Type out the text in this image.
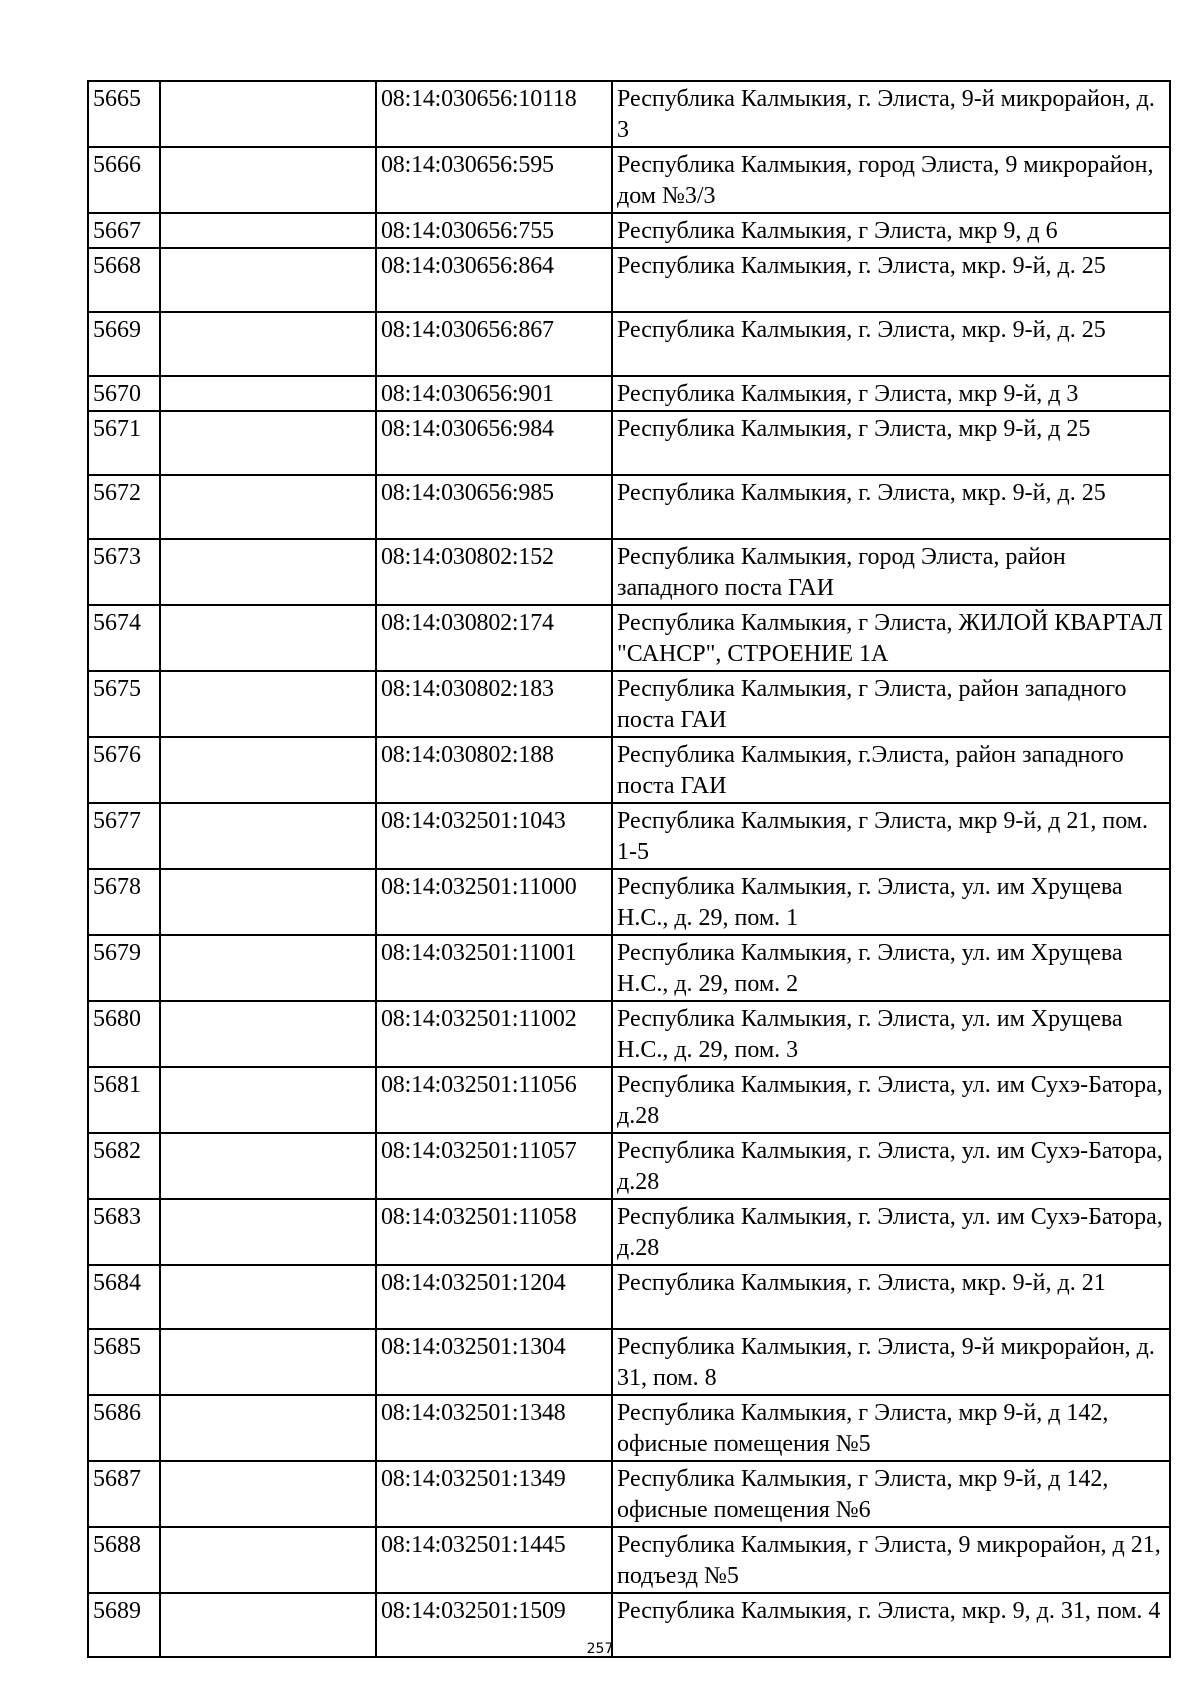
5665		08:14:030656:10118	Республика Калмыкия, г. Элиста, 9-й микрорайон, д. 3
5666		08:14:030656:595	Республика Калмыкия, город Элиста, 9 микрорайон, дом №3/3
5667		08:14:030656:755	Республика Калмыкия, г Элиста, мкр 9, д 6
5668		08:14:030656:864	Республика Калмыкия, г. Элиста, мкр. 9-й, д. 25
5669		08:14:030656:867	Республика Калмыкия, г. Элиста, мкр. 9-й, д. 25
5670		08:14:030656:901	Республика Калмыкия, г Элиста, мкр 9-й, д 3
5671		08:14:030656:984	Республика Калмыкия, г Элиста, мкр 9-й, д 25
5672		08:14:030656:985	Республика Калмыкия, г. Элиста, мкр. 9-й, д. 25
5673		08:14:030802:152	Республика Калмыкия, город Элиста, район западного поста ГАИ
5674		08:14:030802:174	Республика Калмыкия, г Элиста, ЖИЛОЙ КВАРТАЛ "САНСР", СТРОЕНИЕ 1А
5675		08:14:030802:183	Республика Калмыкия, г Элиста, район западного поста ГАИ
5676		08:14:030802:188	Республика Калмыкия, г.Элиста, район западного поста ГАИ
5677		08:14:032501:1043	Республика Калмыкия, г Элиста, мкр 9-й, д 21, пом. 1-5
5678		08:14:032501:11000	Республика Калмыкия, г. Элиста, ул. им Хрущева Н.С., д. 29, пом. 1
5679		08:14:032501:11001	Республика Калмыкия, г. Элиста, ул. им Хрущева Н.С., д. 29, пом. 2
5680		08:14:032501:11002	Республика Калмыкия, г. Элиста, ул. им Хрущева Н.С., д. 29, пом. 3
5681		08:14:032501:11056	Республика Калмыкия, г. Элиста, ул. им Сухэ-Батора, д.28
5682		08:14:032501:11057	Республика Калмыкия, г. Элиста, ул. им Сухэ-Батора, д.28
5683		08:14:032501:11058	Республика Калмыкия, г. Элиста, ул. им Сухэ-Батора, д.28
5684		08:14:032501:1204	Республика Калмыкия, г. Элиста, мкр. 9-й, д. 21
5685		08:14:032501:1304	Республика Калмыкия, г. Элиста, 9-й микрорайон, д. 31, пом. 8
5686		08:14:032501:1348	Республика Калмыкия, г Элиста, мкр 9-й, д 142, офисные помещения №5
5687		08:14:032501:1349	Республика Калмыкия, г Элиста, мкр 9-й, д 142, офисные помещения №6
5688		08:14:032501:1445	Республика Калмыкия, г Элиста, 9 микрорайон, д 21, подъезд №5
5689		08:14:032501:1509	Республика Калмыкия, г. Элиста, мкр. 9, д. 31, пом. 4
257
